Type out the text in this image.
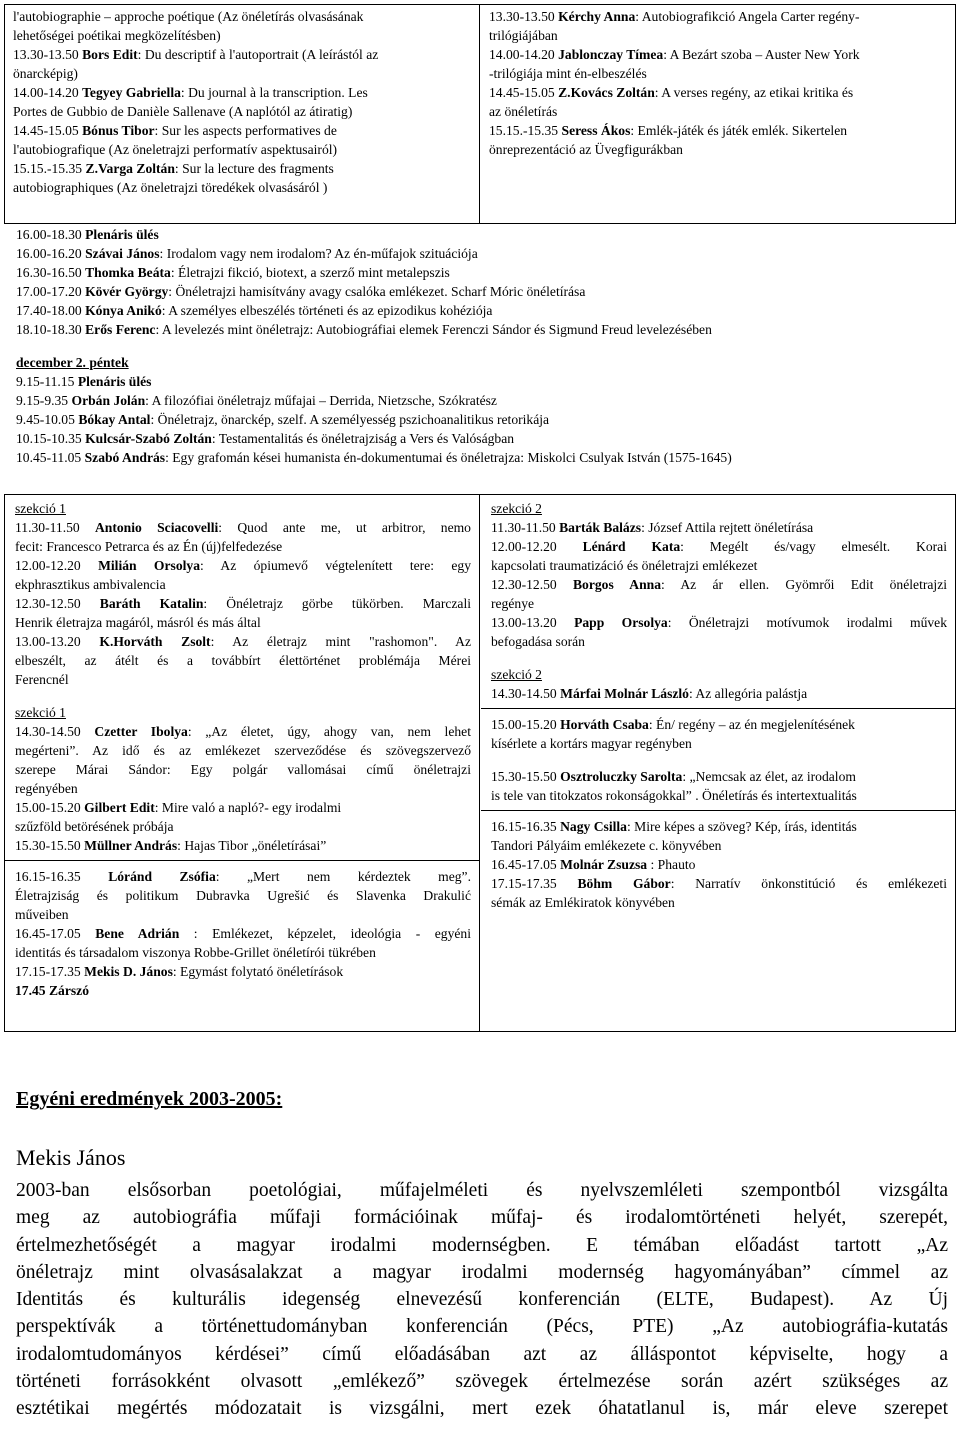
l'autobiographie – approche poétique (Az önéletírás olvasásának
lehetőségei poétikai megközelítésben)
13.30-13.50 Bors Edit: Du descriptif à l'autoportrait (A leírástól az
önarcképig)
14.00-14.20 Tegyey Gabriella: Du journal à la transcription. Les
Portes de Gubbio de Danièle Sallenave (A naplótól az átiratig)
14.45-15.05 Bónus Tibor: Sur les aspects performatives de
l'autobiografique (Az öneletrajzi performatív aspektusairól)
15.15.-15.35 Z.Varga Zoltán: Sur la lecture des fragments
autobiographiques (Az öneletrajzi töredékek olvasásáról )
13.30-13.50 Kérchy Anna: Autobiografikció Angela Carter regény-
trilógiájában
14.00-14.20 Jablonczay Tímea: A Bezárt szoba – Auster New York
-trilógiája mint én-elbeszélés
14.45-15.05 Z.Kovács Zoltán: A verses regény, az etikai kritika és
az önéletírás
15.15.-15.35 Seress Ákos: Emlék-játék és játék emlék. Sikertelen
önreprezentáció az Üvegfigurákban
16.00-18.30 Plenáris ülés
16.00-16.20 Szávai János: Irodalom vagy nem irodalom? Az én-műfajok szituációja
16.30-16.50 Thomka Beáta: Életrajzi fikció, biotext, a szerző mint metalepszis
17.00-17.20 Kövér György: Önéletrajzi hamisítvány avagy csalóka emlékezet. Scharf Móric önéletírása
17.40-18.00 Kónya Anikó: A személyes elbeszélés történeti és az epizodikus kohéziója
18.10-18.30 Erős Ferenc: A levelezés mint önéletrajz: Autobiográfiai elemek Ferenczi Sándor és Sigmund Freud levelezésében
december 2. péntek
9.15-11.15 Plenáris ülés
9.15-9.35 Orbán Jolán: A filozófiai önéletrajz műfajai – Derrida, Nietzsche, Szókratész
9.45-10.05 Bókay Antal: Önéletrajz, önarckép, szelf. A személyesség pszichoanalitikus retorikája
10.15-10.35 Kulcsár-Szabó Zoltán: Testamentalitás és önéletrajziság a Vers és Valóságban
10.45-11.05 Szabó András: Egy grafomán kései humanista én-dokumentumai és önéletrajza: Miskolci Csulyak István (1575-1645)
szekció 1
11.30-11.50 Antonio Sciacovelli: Quod ante me, ut arbitror, nemo
fecit: Francesco Petrarca és az Én (új)felfedezése
12.00-12.20 Milián Orsolya: Az ópiumevő végtelenített tere: egy
ekphrasztikus ambivalencia
12.30-12.50 Baráth Katalin: Önéletrajz görbe tükörben. Marczali
Henrik életrajza magáról, másról és más által
13.00-13.20 K.Horváth Zsolt: Az életrajz mint "rashomon". Az
elbeszélt, az átélt és a továbbírt élettörténet problémája Mérei
Ferencnél
szekció 1
14.30-14.50 Czetter Ibolya: „Az életet, úgy, ahogy van, nem lehet
megérteni”. Az idő és az emlékezet szerveződése és szövegszervező
szerepe Márai Sándor: Egy polgár vallomásai című önéletrajzi
regényében
15.00-15.20 Gilbert Edit: Mire való a napló?- egy irodalmi
szűzföld betörésének próbája
15.30-15.50 Müllner András: Hajas Tibor „önéletírásai”
16.15-16.35 Lóránd Zsófia: „Mert nem kérdeztek meg”.
Életrajziság és politikum Dubravka Ugrešić és Slavenka Drakulić
műveiben
16.45-17.05 Bene Adrián : Emlékezet, képzelet, ideológia - egyéni
identitás és társadalom viszonya Robbe-Grillet önéletírói tükrében
17.15-17.35 Mekis D. János: Egymást folytató önéletírások
17.45 Zárszó
szekció 2
11.30-11.50 Barták Balázs: József Attila rejtett önéletírása
12.00-12.20 Lénárd Kata: Megélt és/vagy elmesélt. Korai
kapcsolati traumatizáció és önéletrajzi emlékezet
12.30-12.50 Borgos Anna: Az ár ellen. Gyömrői Edit önéletrajzi
regénye
13.00-13.20 Papp Orsolya: Önéletrajzi motívumok irodalmi művek
befogadása során
szekció 2
14.30-14.50 Márfai Molnár László: Az allegória palástja
15.00-15.20 Horváth Csaba: Én/ regény – az én megjelenítésének
kísérlete a kortárs magyar regényben
15.30-15.50 Osztroluczky Sarolta: „Nemcsak az élet, az irodalom
is tele van titokzatos rokonságokkal” . Önéletírás és intertextualitás
16.15-16.35 Nagy Csilla: Mire képes a szöveg? Kép, írás, identitás
Tandori Pályáim emlékezete c. könyvében
16.45-17.05 Molnár Zsuzsa : Phauto
17.15-17.35 Böhm Gábor: Narratív önkonstitúció és emlékezeti
sémák az Emlékiratok könyvében
Egyéni eredmények 2003-2005:
Mekis János
2003-ban elsősorban poetológiai, műfajelméleti és nyelvszemléleti szempontból vizsgálta
meg az autobiográfia műfaji formációinak műfaj- és irodalomtörténeti helyét, szerepét,
értelmezhetőségét a magyar irodalmi modernségben. E témában előadást tartott „Az
önéletrajz mint olvasásalakzat a magyar irodalmi modernség hagyományában” címmel az
Identitás és kulturális idegenség elnevezésű konferencián (ELTE, Budapest). Az Új
perspektívák a történettudományban konferencián (Pécs, PTE) „Az autobiográfia-kutatás
irodalomtudományos kérdései” című előadásában azt az álláspontot képviselte, hogy a
történeti forrásokként olvasott „emlékező” szövegek értelmezése során azért szükséges az
esztétikai megértés módozatait is vizsgálni, mert ezek óhatatlanul is, már eleve szerepet
